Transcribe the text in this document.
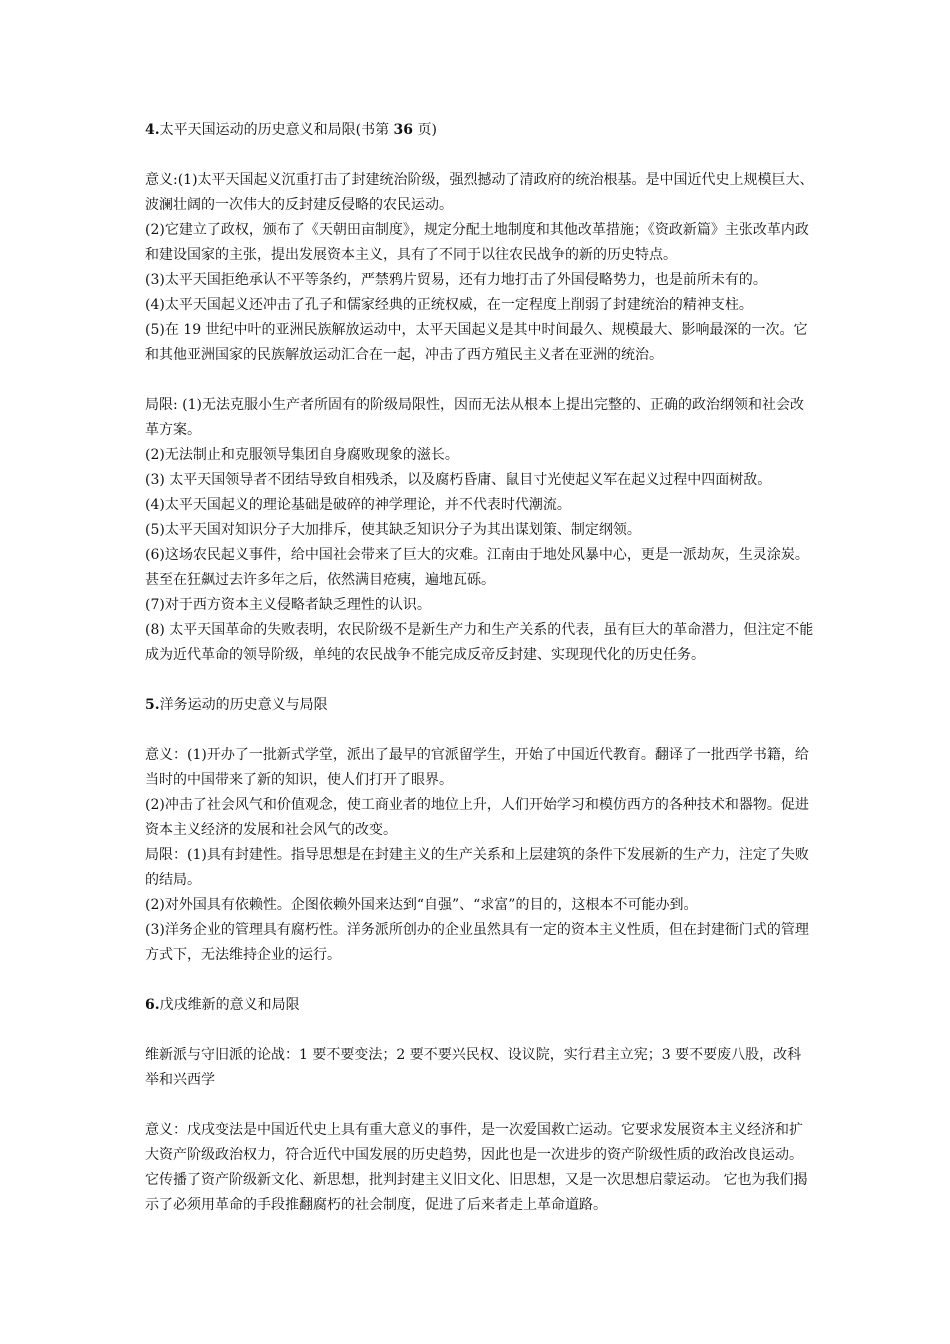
4.太平天国运动的历史意义和局限(书第 36 页)

意义:(1)太平天国起义沉重打击了封建统治阶级，强烈撼动了清政府的统治根基。是中国近代史上规模巨大、波澜壮阔的一次伟大的反封建反侵略的农民运动。

(2)它建立了政权，颁布了《天朝田亩制度》，规定分配土地制度和其他改革措施；《资政新篇》主张改革内政和建设国家的主张，提出发展资本主义，具有了不同于以往农民战争的新的历史特点。

(3)太平天国拒绝承认不平等条约，严禁鸦片贸易，还有力地打击了外国侵略势力，也是前所未有的。

(4)太平天国起义还冲击了孔子和儒家经典的正统权威，在一定程度上削弱了封建统治的精神支柱。

(5)在 19 世纪中叶的亚洲民族解放运动中，太平天国起义是其中时间最久、规模最大、影响最深的一次。它和其他亚洲国家的民族解放运动汇合在一起，冲击了西方殖民主义者在亚洲的统治。

局限: (1)无法克服小生产者所固有的阶级局限性，因而无法从根本上提出完整的、正确的政治纲领和社会改革方案。

(2)无法制止和克服领导集团自身腐败现象的滋长。

(3) 太平天国领导者不团结导致自相残杀，以及腐朽昏庸、鼠目寸光使起义军在起义过程中四面树敌。

(4)太平天国起义的理论基础是破碎的神学理论，并不代表时代潮流。

(5)太平天国对知识分子大加排斥，使其缺乏知识分子为其出谋划策、制定纲领。

(6)这场农民起义事件，给中国社会带来了巨大的灾难。江南由于地处风暴中心，更是一派劫灰，生灵涂炭。甚至在狂飙过去许多年之后，依然满目疮痍，遍地瓦砾。

(7)对于西方资本主义侵略者缺乏理性的认识。

(8) 太平天国革命的失败表明，农民阶级不是新生产力和生产关系的代表，虽有巨大的革命潜力，但注定不能成为近代革命的领导阶级，单纯的农民战争不能完成反帝反封建、实现现代化的历史任务。

5.洋务运动的历史意义与局限

意义：(1)开办了一批新式学堂，派出了最早的官派留学生，开始了中国近代教育。翻译了一批西学书籍，给当时的中国带来了新的知识，使人们打开了眼界。

(2)冲击了社会风气和价值观念，使工商业者的地位上升，人们开始学习和模仿西方的各种技术和器物。促进资本主义经济的发展和社会风气的改变。

局限：(1)具有封建性。指导思想是在封建主义的生产关系和上层建筑的条件下发展新的生产力，注定了失败的结局。

(2)对外国具有依赖性。企图依赖外国来达到“自强”、“求富”的目的，这根本不可能办到。

(3)洋务企业的管理具有腐朽性。洋务派所创办的企业虽然具有一定的资本主义性质，但在封建衙门式的管理方式下，无法维持企业的运行。

6.戊戌维新的意义和局限

维新派与守旧派的论战：1 要不要变法；2 要不要兴民权、设议院，实行君主立宪；3 要不要废八股，改科举和兴西学

意义：戊戌变法是中国近代史上具有重大意义的事件，是一次爱国救亡运动。它要求发展资本主义经济和扩大资产阶级政治权力，符合近代中国发展的历史趋势，因此也是一次进步的资产阶级性质的政治改良运动。它传播了资产阶级新文化、新思想，批判封建主义旧文化、旧思想，又是一次思想启蒙运动。 它也为我们揭示了必须用革命的手段推翻腐朽的社会制度，促进了后来者走上革命道路。
